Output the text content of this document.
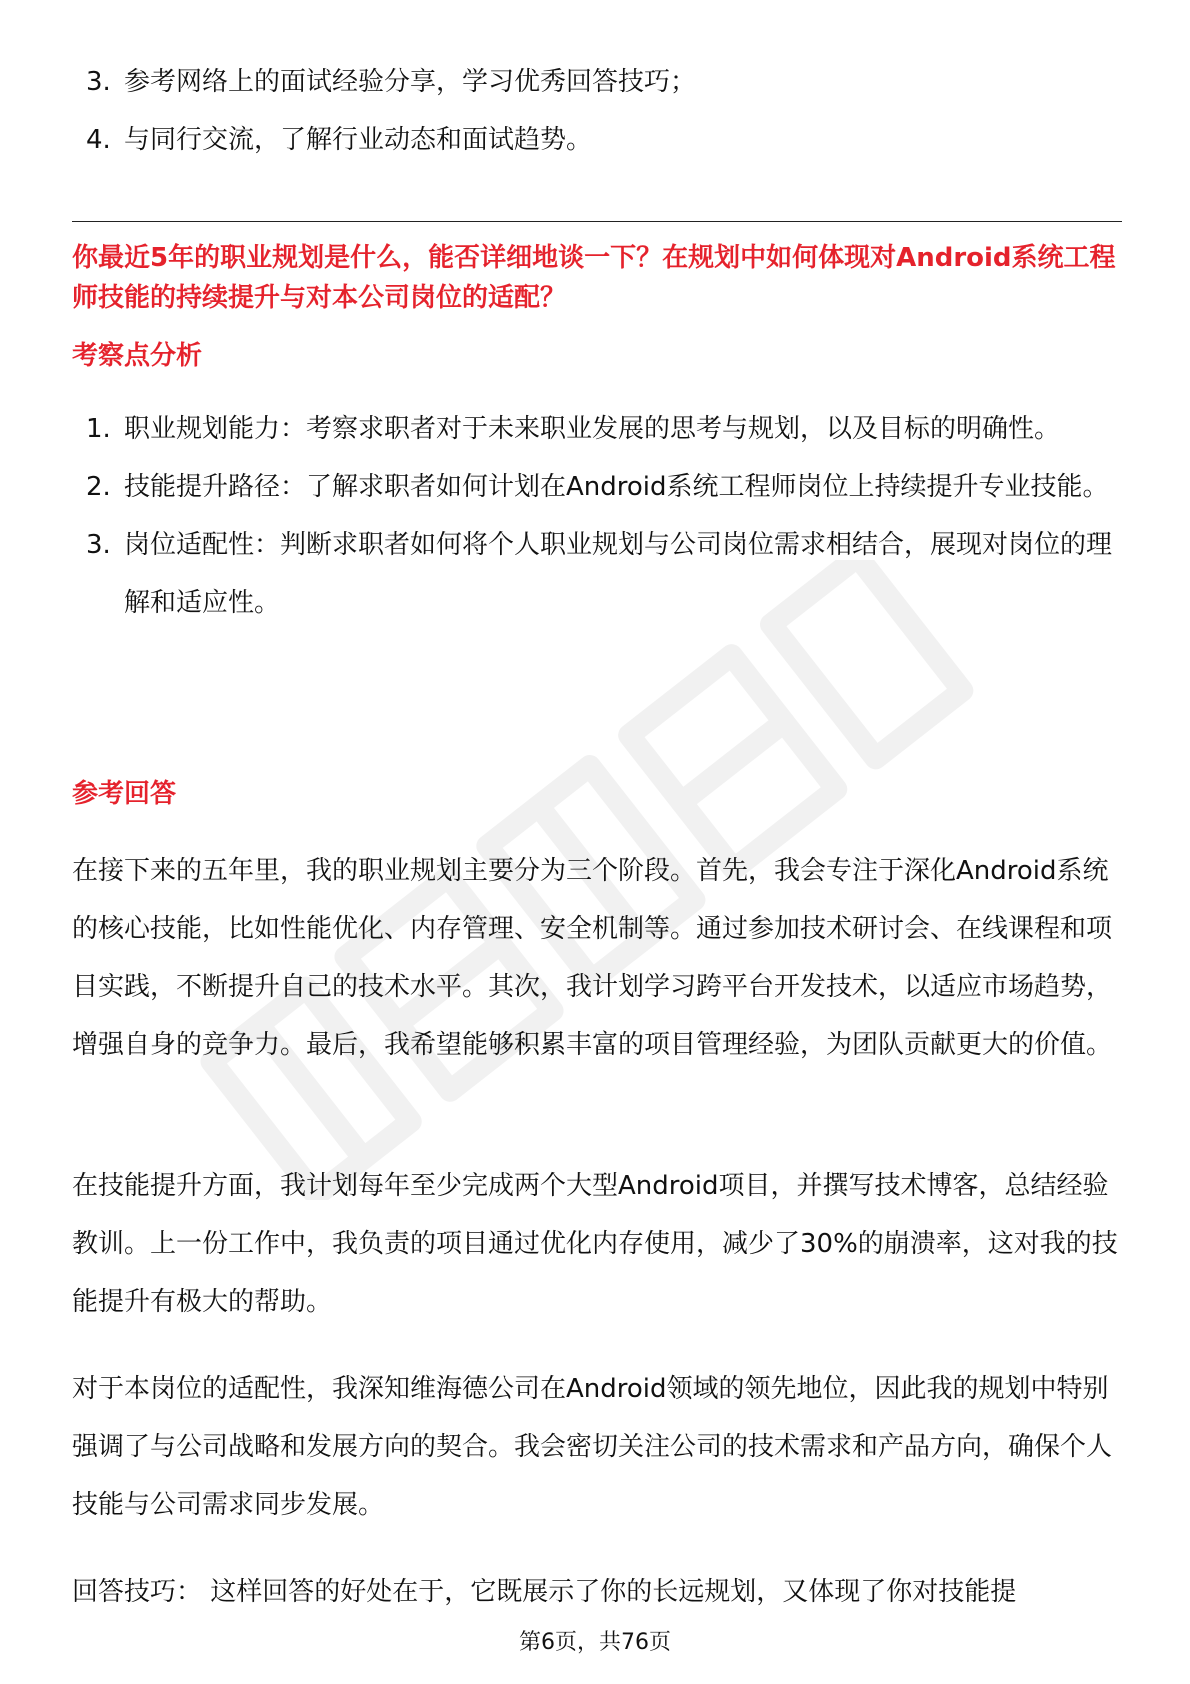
3. 参考网络上的面试经验分享，学习优秀回答技巧；
4. 与同行交流，了解行业动态和面试趋势。

你最近5年的职业规划是什么，能否详细地谈一下？在规划中如何体现对Android系统工程师技能的持续提升与对本公司岗位的适配？

考察点分析
1. 职业规划能力：考察求职者对于未来职业发展的思考与规划，以及目标的明确性。
2. 技能提升路径：了解求职者如何计划在Android系统工程师岗位上持续提升专业技能。
3. 岗位适配性：判断求职者如何将个人职业规划与公司岗位需求相结合，展现对岗位的理解和适应性。
参考回答

在接下来的五年里，我的职业规划主要分为三个阶段。首先，我会专注于深化Android系统的核心技能，比如性能优化、内存管理、安全机制等。通过参加技术研讨会、在线课程和项目实践，不断提升自己的技术水平。其次，我计划学习跨平台开发技术，以适应市场趋势，增强自身的竞争力。最后，我希望能够积累丰富的项目管理经验，为团队贡献更大的价值。

在技能提升方面，我计划每年至少完成两个大型Android项目，并撰写技术博客，总结经验教训。上一份工作中，我负责的项目通过优化内存使用，减少了30%的崩溃率，这对我的技能提升有极大的帮助。

对于本岗位的适配性，我深知维海德公司在Android领域的领先地位，因此我的规划中特别强调了与公司战略和发展方向的契合。我会密切关注公司的技术需求和产品方向，确保个人技能与公司需求同步发展。

回答技巧： 这样回答的好处在于，它既展示了你的长远规划，又体现了你对技能提

第6页，共76页
